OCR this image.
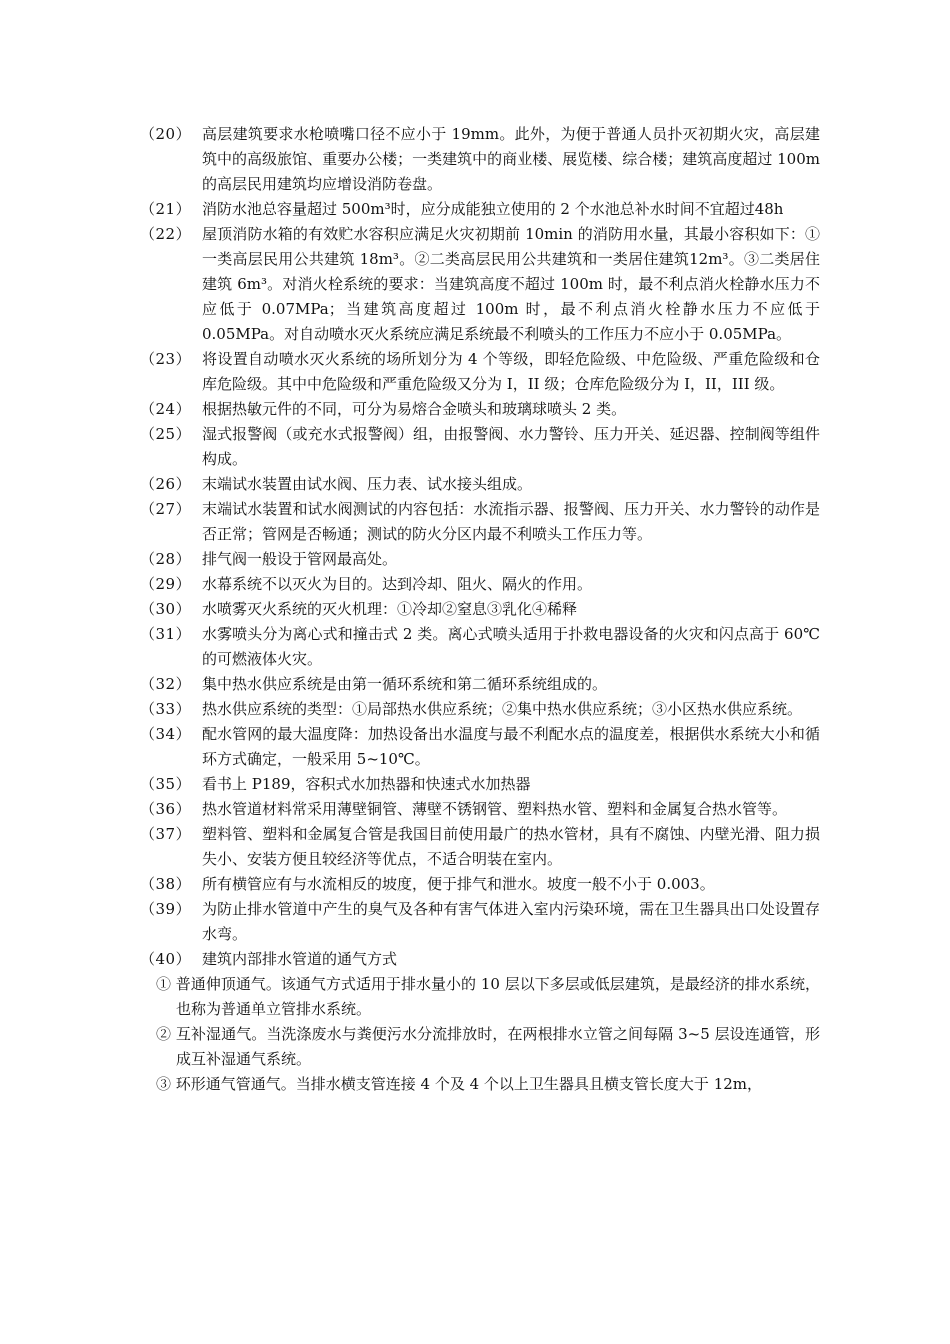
（20） 高层建筑要求水枪喷嘴口径不应小于 19mm。此外，为便于普通人员扑灭初期火灾，高层建筑中的高级旅馆、重要办公楼；一类建筑中的商业楼、展览楼、综合楼；建筑高度超过 100m 的高层民用建筑均应增设消防卷盘。
（21） 消防水池总容量超过 500m³时，应分成能独立使用的 2 个水池总补水时间不宜超过48h
（22） 屋顶消防水箱的有效贮水容积应满足火灾初期前 10min 的消防用水量，其最小容积如下：①一类高层民用公共建筑 18m³。②二类高层民用公共建筑和一类居住建筑12m³。③二类居住建筑 6m³。对消火栓系统的要求：当建筑高度不超过 100m 时，最不利点消火栓静水压力不应低于 0.07MPa；当建筑高度超过 100m 时，最不利点消火栓静水压力不应低于 0.05MPa。对自动喷水灭火系统应满足系统最不利喷头的工作压力不应小于 0.05MPa。
（23） 将设置自动喷水灭火系统的场所划分为 4 个等级，即轻危险级、中危险级、严重危险级和仓库危险级。其中中危险级和严重危险级又分为 I，II 级；仓库危险级分为 I，II，III 级。
（24） 根据热敏元件的不同，可分为易熔合金喷头和玻璃球喷头 2 类。
（25） 湿式报警阀（或充水式报警阀）组，由报警阀、水力警铃、压力开关、延迟器、控制阀等组件构成。
（26） 末端试水装置由试水阀、压力表、试水接头组成。
（27） 末端试水装置和试水阀测试的内容包括：水流指示器、报警阀、压力开关、水力警铃的动作是否正常；管网是否畅通；测试的防火分区内最不利喷头工作压力等。
（28） 排气阀一般设于管网最高处。
（29） 水幕系统不以灭火为目的。达到冷却、阻火、隔火的作用。
（30） 水喷雾灭火系统的灭火机理：①冷却②窒息③乳化④稀释
（31） 水雾喷头分为离心式和撞击式 2 类。离心式喷头适用于扑救电器设备的火灾和闪点高于 60℃的可燃液体火灾。
（32） 集中热水供应系统是由第一循环系统和第二循环系统组成的。
（33） 热水供应系统的类型：①局部热水供应系统；②集中热水供应系统；③小区热水供应系统。
（34） 配水管网的最大温度降：加热设备出水温度与最不利配水点的温度差，根据供水系统大小和循环方式确定，一般采用 5~10℃。
（35） 看书上 P189，容积式水加热器和快速式水加热器
（36） 热水管道材料常采用薄壁铜管、薄壁不锈钢管、塑料热水管、塑料和金属复合热水管等。
（37） 塑料管、塑料和金属复合管是我国目前使用最广的热水管材，具有不腐蚀、内壁光滑、阻力损失小、安装方便且较经济等优点，不适合明装在室内。
（38） 所有横管应有与水流相反的坡度，便于排气和泄水。坡度一般不小于 0.003。
（39） 为防止排水管道中产生的臭气及各种有害气体进入室内污染环境，需在卫生器具出口处设置存水弯。
（40） 建筑内部排水管道的通气方式
① 普通伸顶通气。该通气方式适用于排水量小的 10 层以下多层或低层建筑，是最经济的排水系统，也称为普通单立管排水系统。
② 互补湿通气。当洗涤废水与粪便污水分流排放时，在两根排水立管之间每隔 3~5 层设连通管，形成互补湿通气系统。
③ 环形通气管通气。当排水横支管连接 4 个及 4 个以上卫生器具且横支管长度大于 12m，
